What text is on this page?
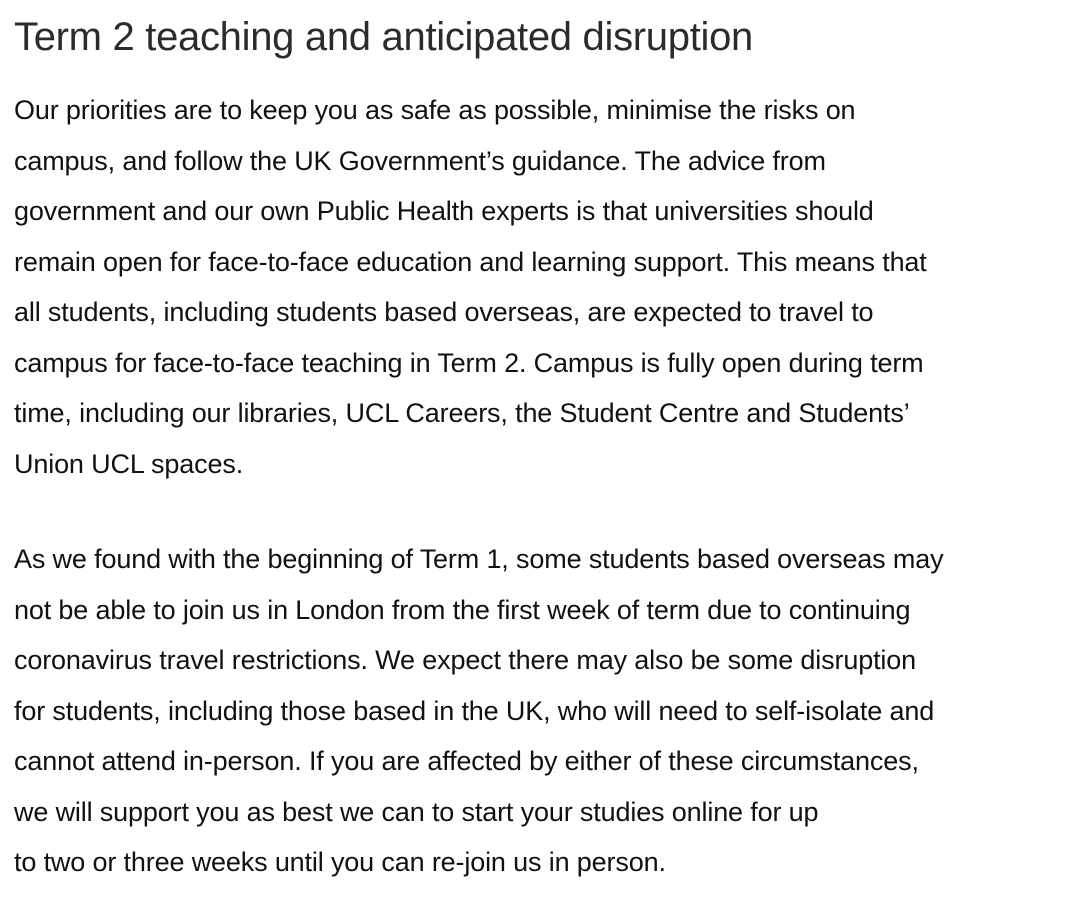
Term 2 teaching and anticipated disruption

Our priorities are to keep you as safe as possible, minimise the risks on
campus, and follow the UK Government’s guidance. The advice from
government and our own Public Health experts is that universities should
remain open for face-to-face education and learning support. This means that
all students, including students based overseas, are expected to travel to
campus for face-to-face teaching in Term 2. Campus is fully open during term
time, including our libraries, UCL Careers, the Student Centre and Students’
Union UCL spaces.

As we found with the beginning of Term 1, some students based overseas may
not be able to join us in London from the first week of term due to continuing
coronavirus travel restrictions. We expect there may also be some disruption
for students, including those based in the UK, who will need to self-isolate and
cannot attend in-person. If you are affected by either of these circumstances,
we will support you as best we can to start your studies online for up
to two or three weeks until you can re-join us in person.
